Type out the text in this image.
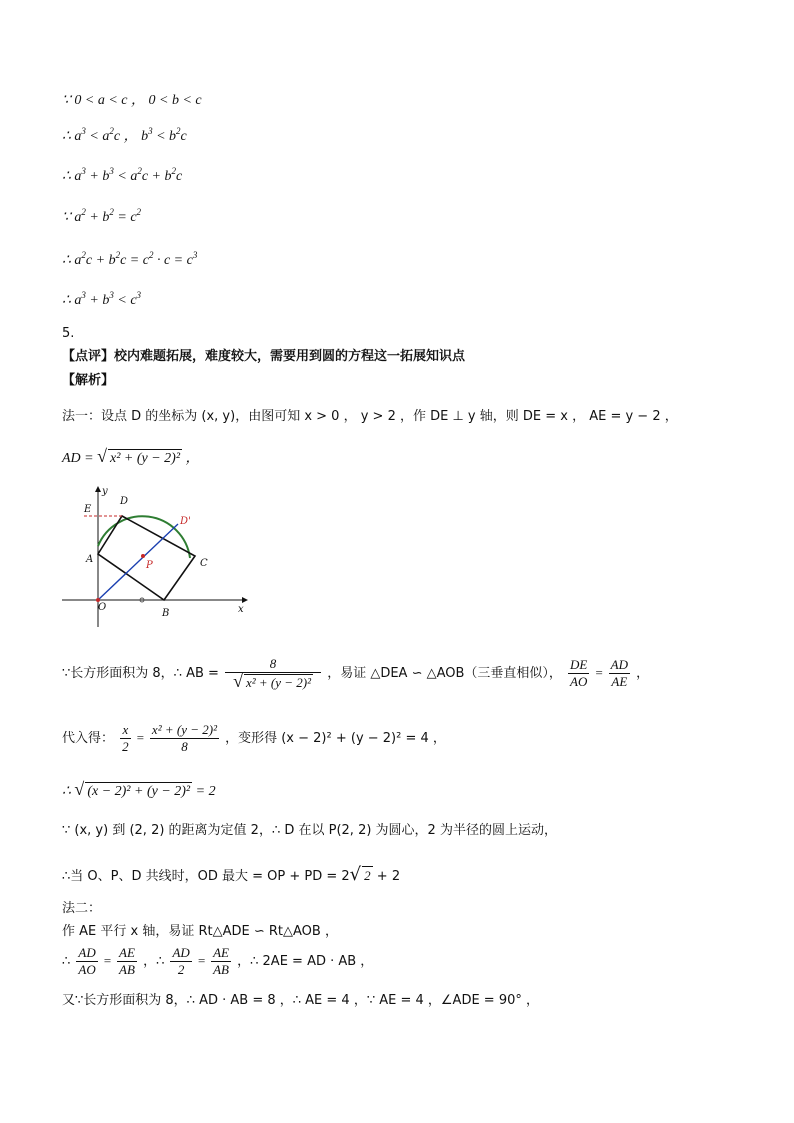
∵ 0 < a < c ， 0 < b < c
∴ $a^3 < a^2c$ ， $b^3 < b^2c$
∴ $a^3 + b^3 < a^2c + b^2c$
∵ $a^2 + b^2 = c^2$
∴ $a^2c + b^2c = c^2 \cdot c = c^3$
∴ $a^3 + b^3 < c^3$
5.
【点评】校内难题拓展，难度较大，需要用到圆的方程这一拓展知识点
【解析】
法一：设点 D 的坐标为 (x, y)，由图可知 x > 0 ， y > 2 ，作 DE ⊥ y 轴，则 DE = x ， AE = y − 2 ，
AD = √ x² + (y − 2)² ，
y
x
O
A
B
C
D
D'
E
P
∵长方形面积为 8，∴ AB = $\frac{8}{\text{√ x² + (y − 2)²}}$ ，易证 △DEA ∽ △AOB（三垂直相似）， $\frac{DE}{AO} = \frac{AD}{AE}$ ，
代入得： $\frac{x}{2} = \frac{\text{x² + (y − 2)²}}{8}$ ，变形得 (x − 2)² + (y − 2)² = 4 ，
∴ √ (x − 2)² + (y − 2)² = 2
∵ (x, y) 到 (2, 2) 的距离为定值 2，∴ D 在以 P(2, 2) 为圆心，2 为半径的圆上运动，
∴当 O、P、D 共线时，OD 最大 = OP + PD = 2√ 2 + 2
法二：
作 AE 平行 x 轴，易证 Rt△ADE ∽ Rt△AOB ，
∴ $\frac{AD}{AO} = \frac{AE}{AB}$ ，∴ $\frac{AD}{2} = \frac{AE}{AB}$ ，∴ 2AE = AD · AB ，
又∵长方形面积为 8，∴ AD · AB = 8 ，∴ AE = 4 ，∵ AE = 4 ，∠ADE = 90° ，
